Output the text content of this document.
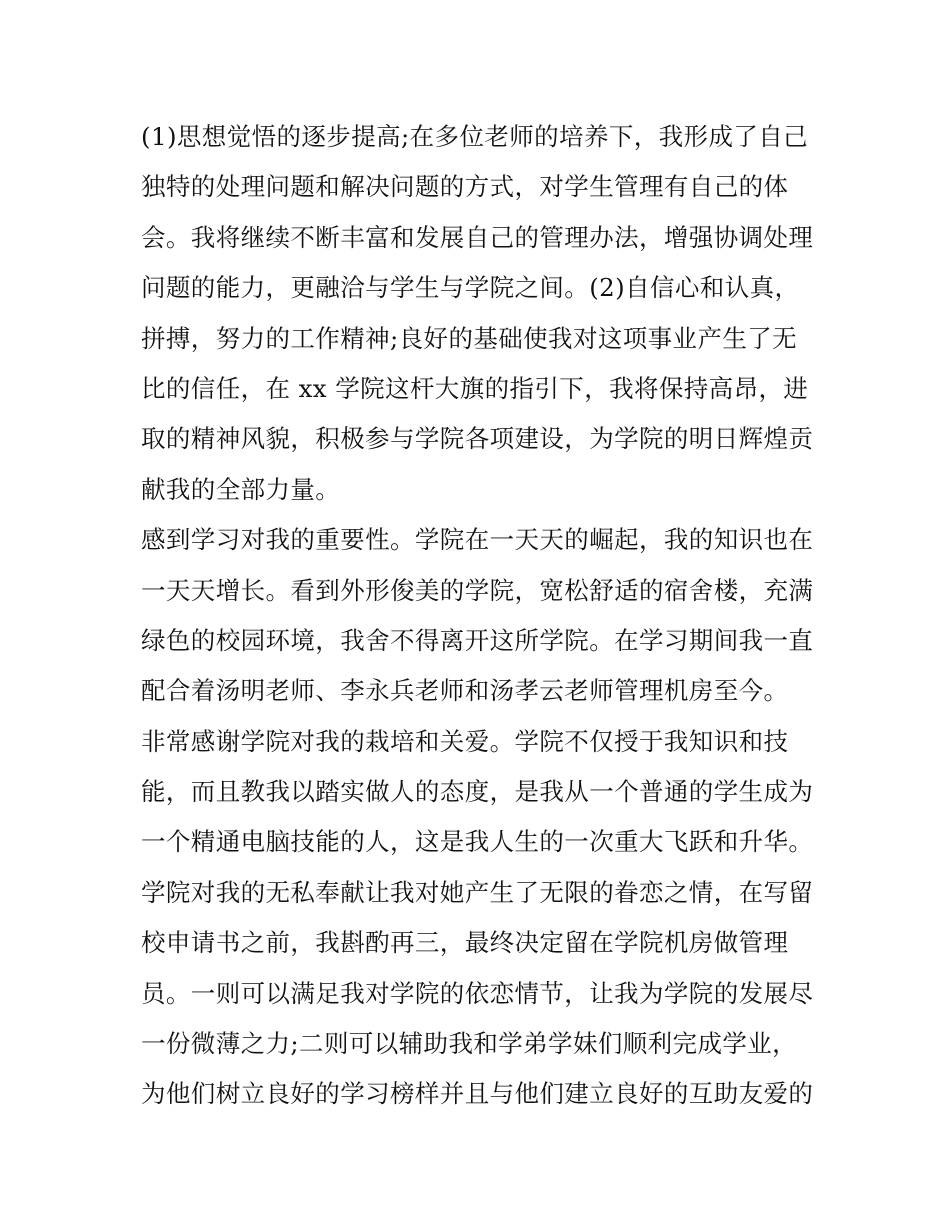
(1)思想觉悟的逐步提高;在多位老师的培养下，我形成了自己
独特的处理问题和解决问题的方式，对学生管理有自己的体
会。我将继续不断丰富和发展自己的管理办法，增强协调处理
问题的能力，更融洽与学生与学院之间。(2)自信心和认真，
拼搏，努力的工作精神;良好的基础使我对这项事业产生了无
比的信任，在 xx 学院这杆大旗的指引下，我将保持高昂，进
取的精神风貌，积极参与学院各项建设，为学院的明日辉煌贡
献我的全部力量。
感到学习对我的重要性。学院在一天天的崛起，我的知识也在
一天天增长。看到外形俊美的学院，宽松舒适的宿舍楼，充满
绿色的校园环境，我舍不得离开这所学院。在学习期间我一直
配合着汤明老师、李永兵老师和汤孝云老师管理机房至今。
非常感谢学院对我的栽培和关爱。学院不仅授于我知识和技
能，而且教我以踏实做人的态度，是我从一个普通的学生成为
一个精通电脑技能的人，这是我人生的一次重大飞跃和升华。
学院对我的无私奉献让我对她产生了无限的眷恋之情，在写留
校申请书之前，我斟酌再三，最终决定留在学院机房做管理
员。一则可以满足我对学院的依恋情节，让我为学院的发展尽
一份微薄之力;二则可以辅助我和学弟学妹们顺利完成学业，
为他们树立良好的学习榜样并且与他们建立良好的互助友爱的
